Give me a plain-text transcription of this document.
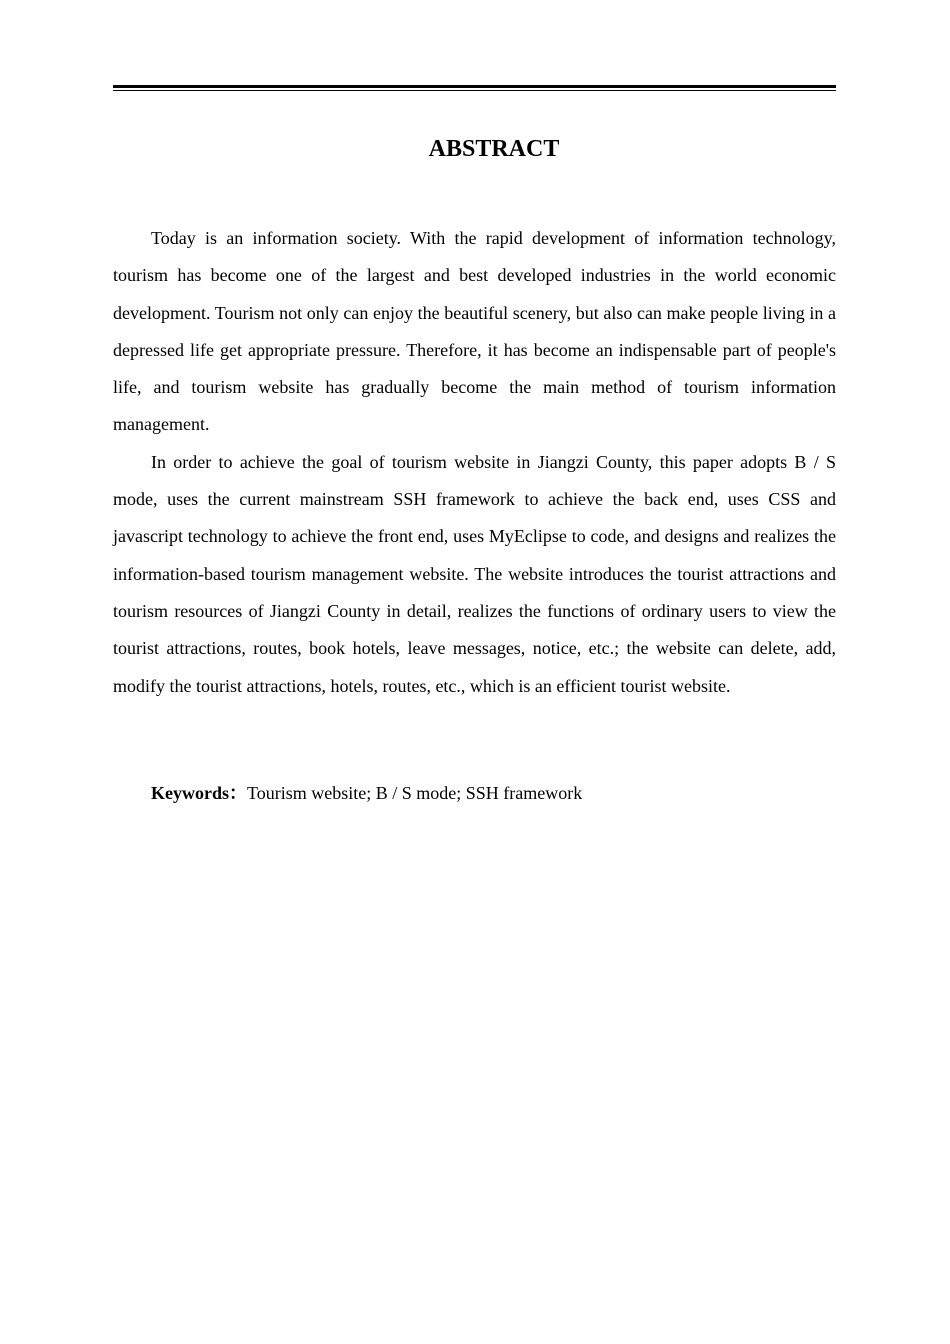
ABSTRACT

Today is an information society. With the rapid development of information technology, tourism has become one of the largest and best developed industries in the world economic development. Tourism not only can enjoy the beautiful scenery, but also can make people living in a depressed life get appropriate pressure. Therefore, it has become an indispensable part of people's life, and tourism website has gradually become the main method of tourism information management.

In order to achieve the goal of tourism website in Jiangzi County, this paper adopts B / S mode, uses the current mainstream SSH framework to achieve the back end, uses CSS and javascript technology to achieve the front end, uses MyEclipse to code, and designs and realizes the information-based tourism management website. The website introduces the tourist attractions and tourism resources of Jiangzi County in detail, realizes the functions of ordinary users to view the tourist attractions, routes, book hotels, leave messages, notice, etc.; the website can delete, add, modify the tourist attractions, hotels, routes, etc., which is an efficient tourist website.

Keywords：Tourism website; B / S mode; SSH framework
